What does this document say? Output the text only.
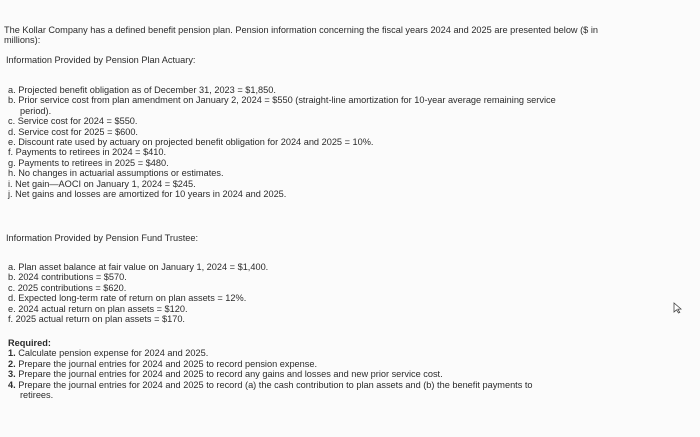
The Kollar Company has a defined benefit pension plan. Pension information concerning the fiscal years 2024 and 2025 are presented below ($ in millions):

Information Provided by Pension Plan Actuary:

a. Projected benefit obligation as of December 31, 2023 = $1,850.
b. Prior service cost from plan amendment on January 2, 2024 = $550 (straight-line amortization for 10-year average remaining service
period).
c. Service cost for 2024 = $550.
d. Service cost for 2025 = $600.
e. Discount rate used by actuary on projected benefit obligation for 2024 and 2025 = 10%.
f. Payments to retirees in 2024 = $410.
g. Payments to retirees in 2025 = $480.
h. No changes in actuarial assumptions or estimates.
i. Net gain—AOCI on January 1, 2024 = $245.
j. Net gains and losses are amortized for 10 years in 2024 and 2025.

Information Provided by Pension Fund Trustee:

a. Plan asset balance at fair value on January 1, 2024 = $1,400.
b. 2024 contributions = $570.
c. 2025 contributions = $620.
d. Expected long-term rate of return on plan assets = 12%.
e. 2024 actual return on plan assets = $120.
f. 2025 actual return on plan assets = $170.

Required:

1. Calculate pension expense for 2024 and 2025.
2. Prepare the journal entries for 2024 and 2025 to record pension expense.
3. Prepare the journal entries for 2024 and 2025 to record any gains and losses and new prior service cost.
4. Prepare the journal entries for 2024 and 2025 to record (a) the cash contribution to plan assets and (b) the benefit payments to
retirees.
